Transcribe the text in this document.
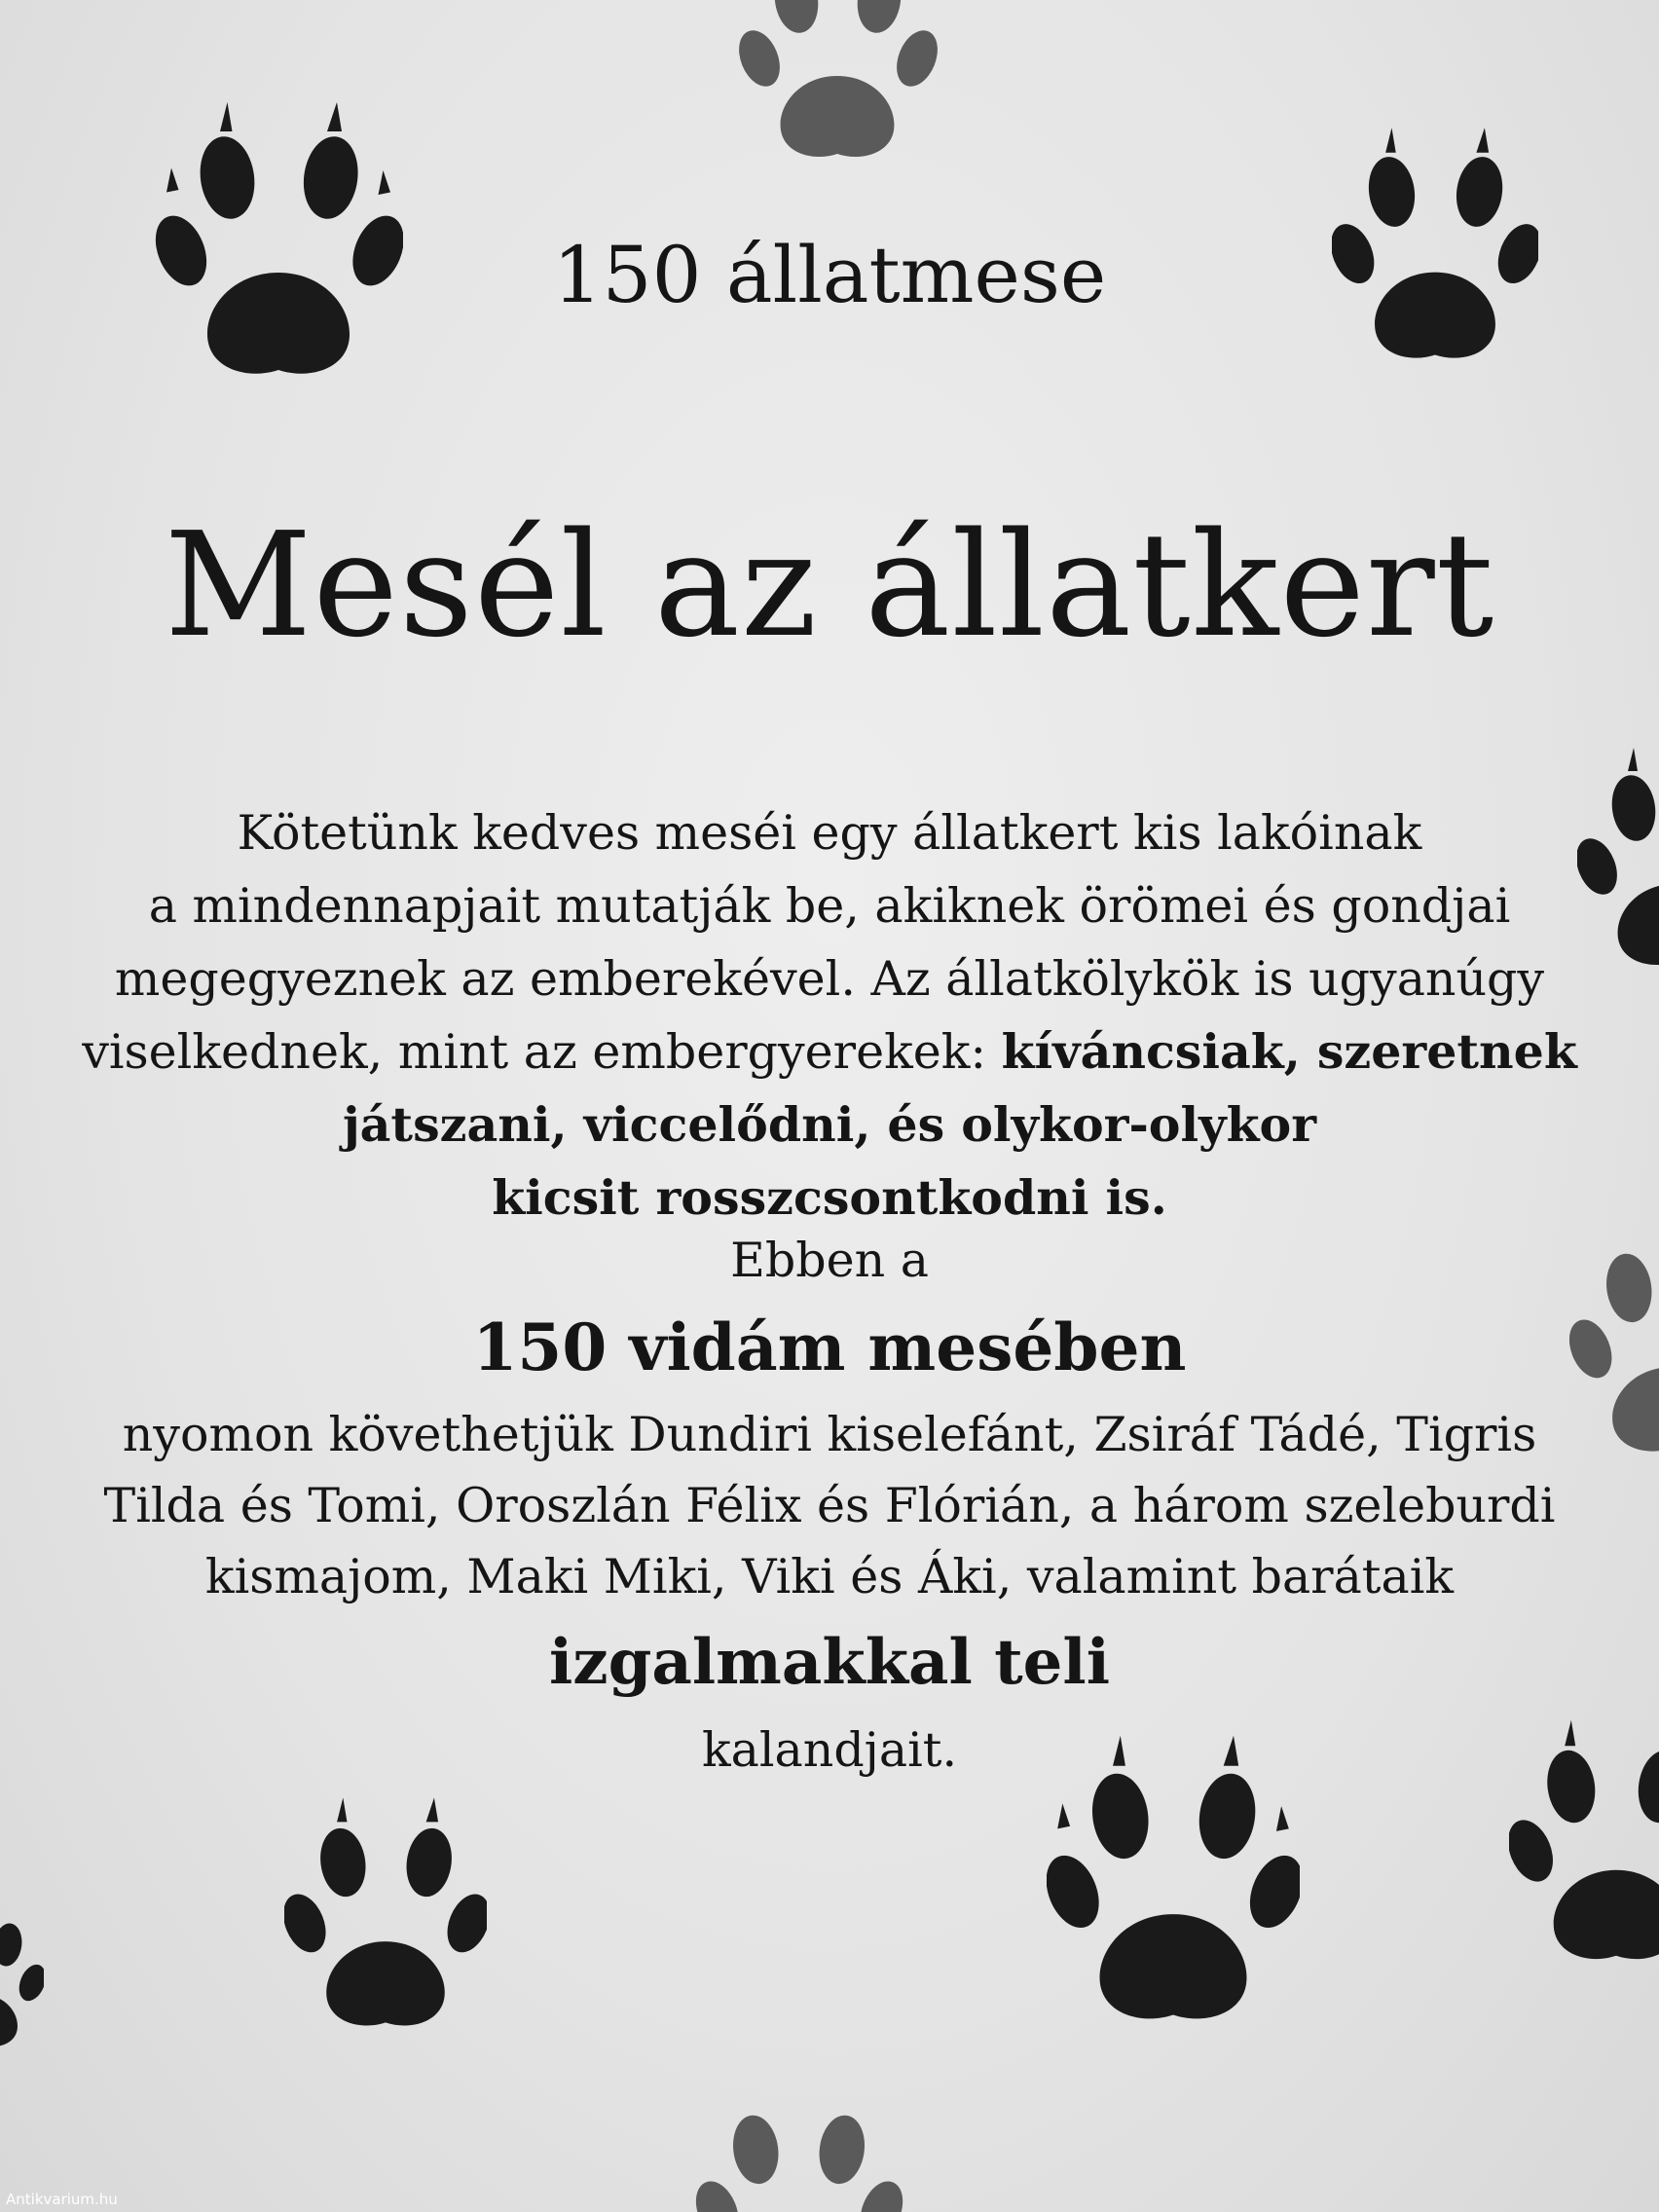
150 állatmese
Mesél az állatkert

Kötetünk kedves meséi egy állatkert kis lakóinak

a mindennapjait mutatják be, akiknek örömei és gondjai

megegyeznek az emberekével. Az állatkölykök is ugyanúgy

viselkednek, mint az embergyerekek: kíváncsiak, szeretnek

játszani, viccelődni, és olykor-olykor

kicsit rosszcsontkodni is.

Ebben a

150 vidám mesében

nyomon követhetjük Dundiri kiselefánt, Zsiráf Tádé, Tigris

Tilda és Tomi, Oroszlán Félix és Flórián, a három szeleburdi

kismajom, Maki Miki, Viki és Áki, valamint barátaik

izgalmakkal teli

kalandjait.

Antikvarium.hu
